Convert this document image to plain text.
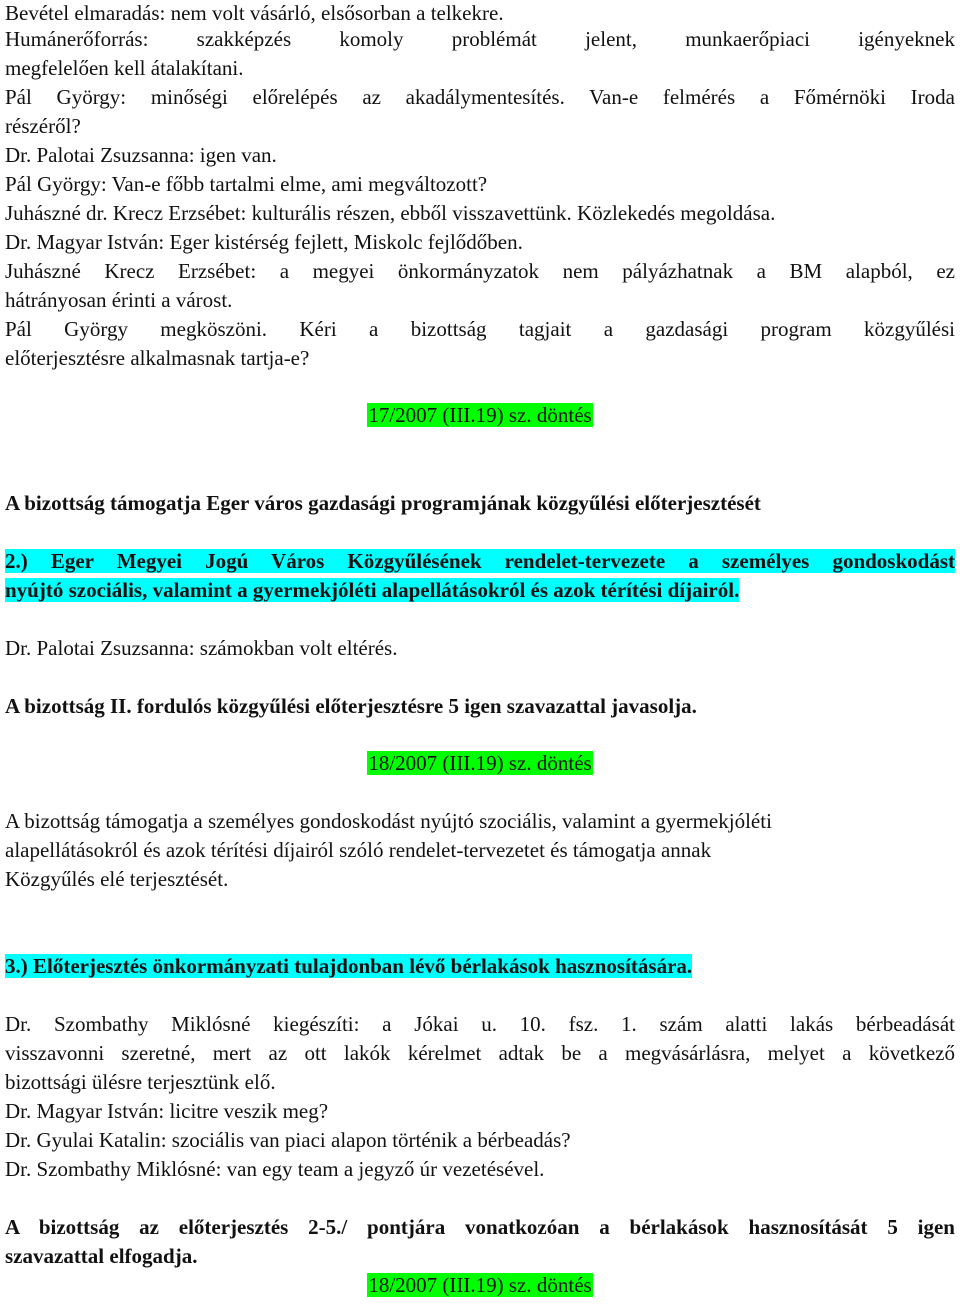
Bevétel elmaradás: nem volt vásárló, elsősorban a telkekre.
Humánerőforrás: szakképzés komoly problémát jelent, munkaerőpiaci igényeknek
megfelelően kell átalakítani.
Pál György: minőségi előrelépés az akadálymentesítés. Van-e felmérés a Főmérnöki Iroda
részéről?
Dr. Palotai Zsuzsanna: igen van.
Pál György: Van-e főbb tartalmi elme, ami megváltozott?
Juhászné dr. Krecz Erzsébet: kulturális részen, ebből visszavettünk. Közlekedés megoldása.
Dr. Magyar István: Eger kistérség fejlett, Miskolc fejlődőben.
Juhászné Krecz Erzsébet: a megyei önkormányzatok nem pályázhatnak a BM alapból, ez
hátrányosan érinti a várost.
Pál György megköszöni. Kéri a bizottság tagjait a gazdasági program közgyűlési
előterjesztésre alkalmasnak tartja-e?
17/2007 (III.19) sz. döntés
A bizottság támogatja Eger város gazdasági programjának közgyűlési előterjesztését
2.) Eger Megyei Jogú Város Közgyűlésének rendelet-tervezete a személyes gondoskodást
nyújtó szociális, valamint a gyermekjóléti alapellátásokról és azok térítési díjairól.
Dr. Palotai Zsuzsanna: számokban volt eltérés.
A bizottság II. fordulós közgyűlési előterjesztésre 5 igen szavazattal javasolja.
18/2007 (III.19) sz. döntés
A bizottság támogatja a személyes gondoskodást nyújtó szociális, valamint a gyermekjóléti
alapellátásokról és azok térítési díjairól szóló rendelet-tervezetet és támogatja annak
Közgyűlés elé terjesztését.
3.) Előterjesztés önkormányzati tulajdonban lévő bérlakások hasznosítására.
Dr. Szombathy Miklósné kiegészíti: a Jókai u. 10. fsz. 1. szám alatti lakás bérbeadását
visszavonni szeretné, mert az ott lakók kérelmet adtak be a megvásárlásra, melyet a következő
bizottsági ülésre terjesztünk elő.
Dr. Magyar István: licitre veszik meg?
Dr. Gyulai Katalin: szociális van piaci alapon történik a bérbeadás?
Dr. Szombathy Miklósné: van egy team a jegyző úr vezetésével.
A bizottság az előterjesztés 2-5./ pontjára vonatkozóan a bérlakások hasznosítását 5 igen
szavazattal elfogadja.
18/2007 (III.19) sz. döntés
